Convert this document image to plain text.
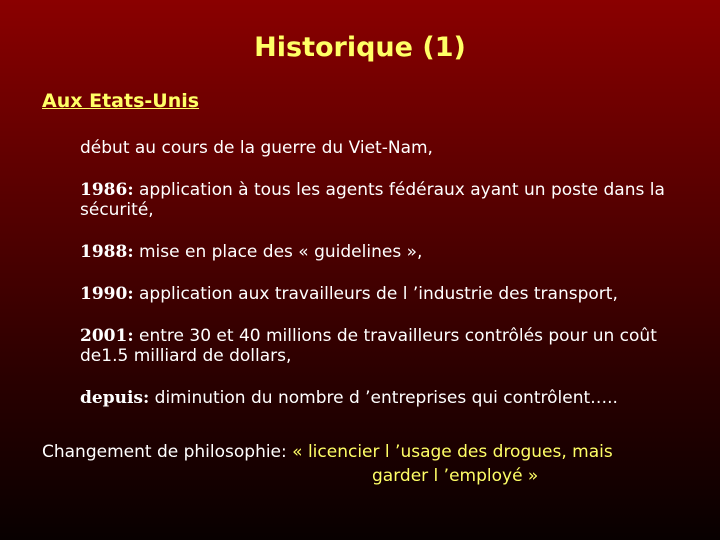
Historique (1)
Aux Etats-Unis
début au cours de la guerre du Viet-Nam,
1986: application à tous les agents fédéraux ayant un poste dans la sécurité,
1988: mise en place des « guidelines »,
1990: application aux travailleurs de l ’industrie des transport,
2001: entre 30 et 40 millions de travailleurs contrôlés pour un coût de1.5 milliard de dollars,
depuis: diminution du nombre d ’entreprises qui contrôlent…..
Changement de philosophie: « licencier l ’usage des drogues, mais
garder l ’employé »
